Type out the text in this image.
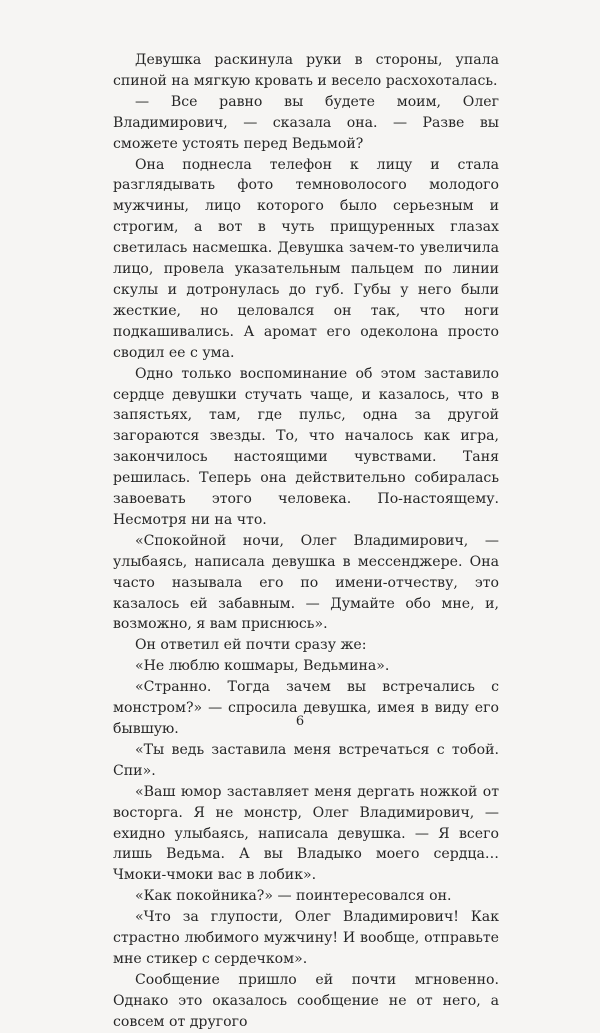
Девушка раскинула руки в стороны, упала спиной на мягкую кровать и весело расхохоталась.

— Все равно вы будете моим, Олег Владимирович, — сказала она. — Разве вы сможете устоять перед Ведьмой?

Она поднесла телефон к лицу и стала разглядывать фото темноволосого молодого мужчины, лицо которого было серьезным и строгим, а вот в чуть прищуренных глазах светилась насмешка. Девушка зачем-то увеличила лицо, провела указательным пальцем по линии скулы и дотронулась до губ. Губы у него были жесткие, но целовался он так, что ноги подкашивались. А аромат его одеколона просто сводил ее с ума.

Одно только воспоминание об этом заставило сердце девушки стучать чаще, и казалось, что в запястьях, там, где пульс, одна за другой загораются звезды. То, что началось как игра, закончилось настоящими чувствами. Таня решилась. Теперь она действительно собиралась завоевать этого человека. По-настоящему. Несмотря ни на что.

«Спокойной ночи, Олег Владимирович, — улыбаясь, написала девушка в мессенджере. Она часто называла его по имени-отчеству, это казалось ей забавным. — Думайте обо мне, и, возможно, я вам приснюсь».

Он ответил ей почти сразу же:

«Не люблю кошмары, Ведьмина».

«Странно. Тогда зачем вы встречались с монстром?» — спросила девушка, имея в виду его бывшую.

«Ты ведь заставила меня встречаться с тобой. Спи».

«Ваш юмор заставляет меня дергать ножкой от восторга. Я не монстр, Олег Владимирович, — ехидно улыбаясь, написала девушка. — Я всего лишь Ведьма. А вы Владыко моего сердца… Чмоки-чмоки вас в лобик».

«Как покойника?» — поинтересовался он.

«Что за глупости, Олег Владимирович! Как страстно любимого мужчину! И вообще, отправьте мне стикер с сердечком».

Сообщение пришло ей почти мгновенно. Однако это оказалось сообщение не от него, а совсем от другого

6
